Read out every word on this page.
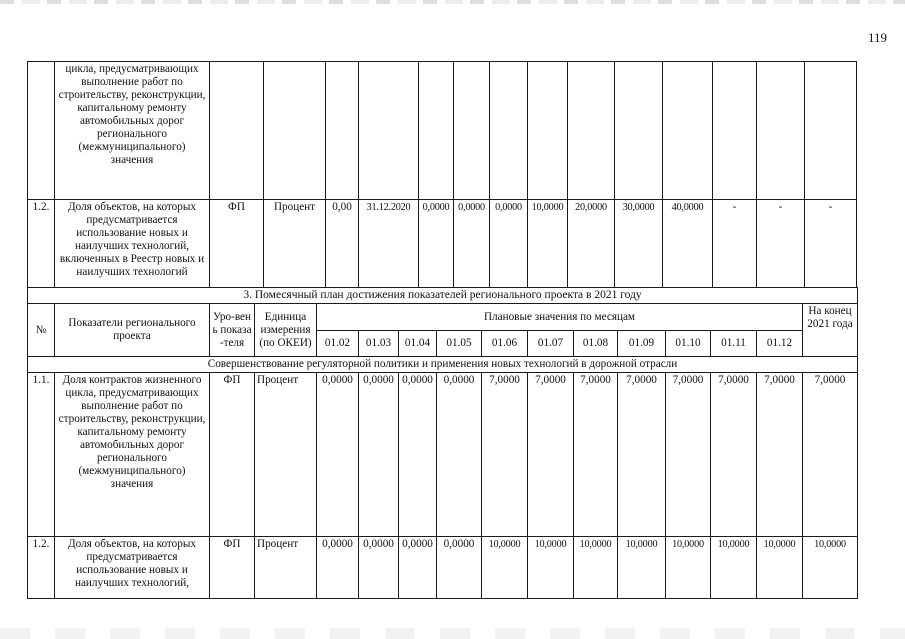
119
	цикла, предусматривающих выполнение работ по строительству, реконструкции, капитальному ремонту автомобильных дорог регионального (межмуниципального) значения														
1.2.	Доля объектов, на которых предусматривается использование новых и наилучших технологий, включенных в Реестр новых и наилучших технологий	ФП	Процент	0,00	31.12.2020	0,0000	0,0000	0,0000	10,0000	20,0000	30,0000	40,0000	-	-	-
3. Помесячный план достижения показателей регионального проекта в 2021 году															
№	Показатели регионального проекта	Уро-вень показа-теля	Единица измерения (по ОКЕИ)	Плановые значения по месяцам											На конец 2021 года
				01.02	01.03	01.04	01.05	01.06	01.07	01.08	01.09	01.10	01.11	01.12	
Совершенствование регуляторной политики и применения новых технологий в дорожной отрасли															
1.1.	Доля контрактов жизненного цикла, предусматривающих выполнение работ по строительству, реконструкции, капитальному ремонту автомобильных дорог регионального (межмуниципального) значения	ФП	Процент	0,0000	0,0000	0,0000	0,0000	7,0000	7,0000	7,0000	7,0000	7,0000	7,0000	7,0000	7,0000
1.2.	Доля объектов, на которых предусматривается использование новых и наилучших технологий,	ФП	Процент	0,0000	0,0000	0,0000	0,0000	10,0000	10,0000	10,0000	10,0000	10,0000	10,0000	10,0000	10,0000
